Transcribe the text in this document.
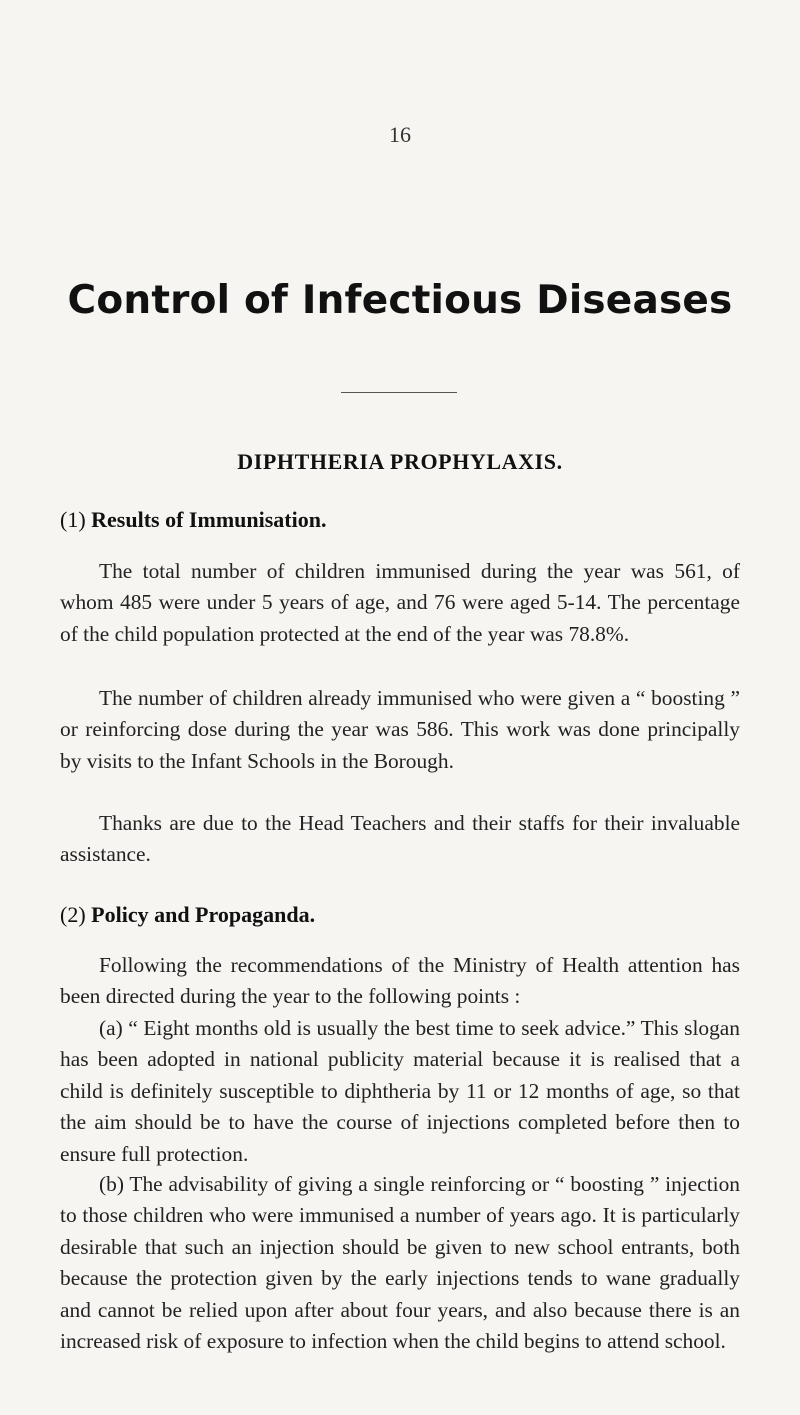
16
Control of Infectious Diseases
DIPHTHERIA PROPHYLAXIS.
(1) Results of Immunisation.

The total number of children immunised during the year was 561, of whom 485 were under 5 years of age, and 76 were aged 5-14. The percentage of the child population protected at the end of the year was 78.8%.

The number of children already immunised who were given a “ boosting ” or reinforcing dose during the year was 586. This work was done principally by visits to the Infant Schools in the Borough.

Thanks are due to the Head Teachers and their staffs for their invaluable assistance.

(2) Policy and Propaganda.

Following the recommendations of the Ministry of Health attention has been directed during the year to the following points :

(a) “ Eight months old is usually the best time to seek advice.” This slogan has been adopted in national publicity material because it is realised that a child is definitely susceptible to diphtheria by 11 or 12 months of age, so that the aim should be to have the course of injections completed before then to ensure full protection.

(b) The advisability of giving a single reinforcing or “ boosting ” injection to those children who were immunised a number of years ago. It is particularly desirable that such an injection should be given to new school entrants, both because the protection given by the early injections tends to wane gradually and cannot be relied upon after about four years, and also because there is an increased risk of exposure to infection when the child begins to attend school.
